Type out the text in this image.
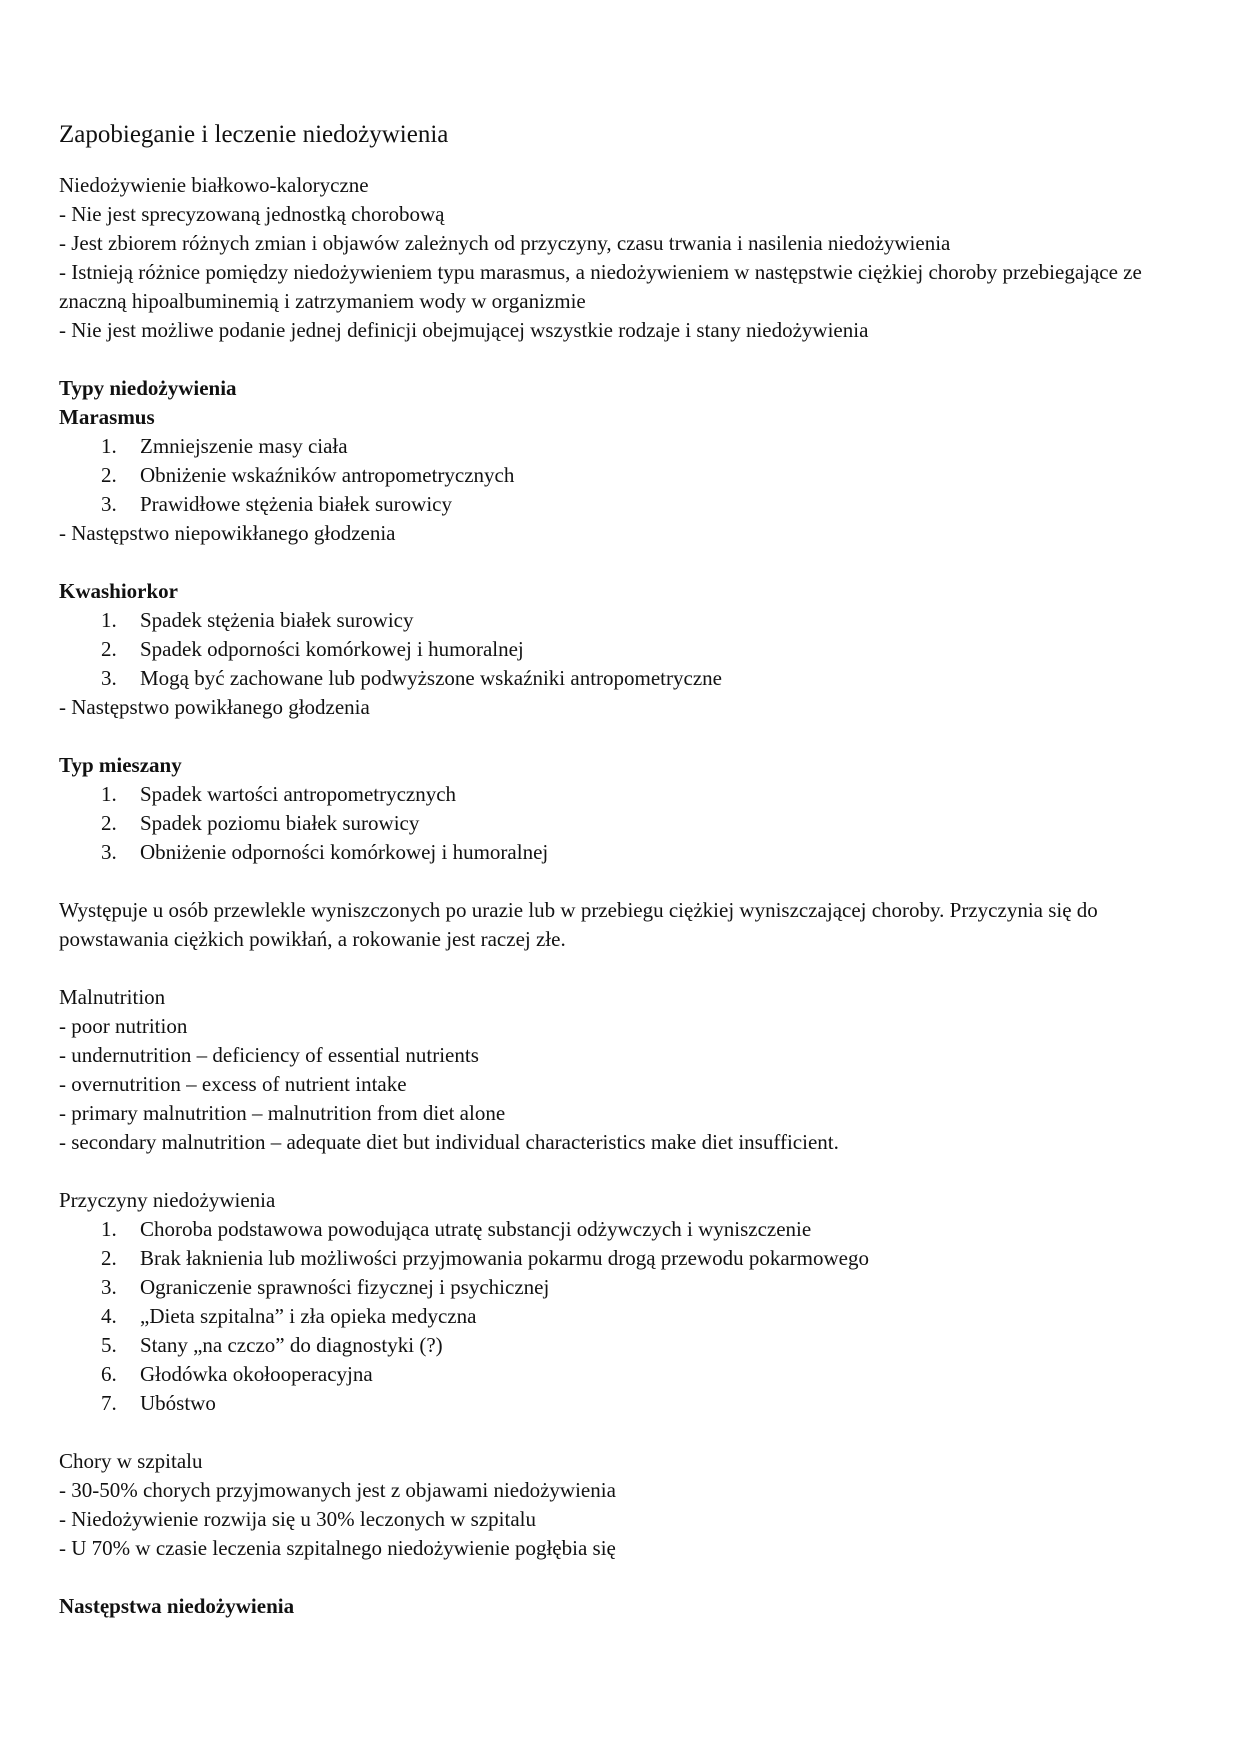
Zapobieganie i leczenie niedożywienia
Niedożywienie białkowo-kaloryczne
- Nie jest sprecyzowaną jednostką chorobową
- Jest zbiorem różnych zmian i objawów zależnych od przyczyny, czasu trwania i nasilenia niedożywienia
- Istnieją różnice pomiędzy niedożywieniem typu marasmus, a niedożywieniem w następstwie ciężkiej choroby przebiegające ze znaczną hipoalbuminemią i zatrzymaniem wody w organizmie
- Nie jest możliwe podanie jednej definicji obejmującej wszystkie rodzaje i stany niedożywienia
Typy niedożywienia
Marasmus
1.	Zmniejszenie masy ciała
2.	Obniżenie wskaźników antropometrycznych
3.	Prawidłowe stężenia białek surowicy
- Następstwo niepowikłanego głodzenia
Kwashiorkor
1.	Spadek stężenia białek surowicy
2.	Spadek odporności komórkowej i humoralnej
3.	Mogą być zachowane lub podwyższone wskaźniki antropometryczne
- Następstwo powikłanego głodzenia
Typ mieszany
1.	Spadek wartości antropometrycznych
2.	Spadek poziomu białek surowicy
3.	Obniżenie odporności komórkowej i humoralnej
Występuje u osób przewlekle wyniszczonych po urazie lub w przebiegu ciężkiej wyniszczającej choroby. Przyczynia się do powstawania ciężkich powikłań, a rokowanie jest raczej złe.
Malnutrition
- poor nutrition
- undernutrition – deficiency of essential nutrients
- overnutrition – excess of nutrient intake
- primary malnutrition – malnutrition from diet alone
- secondary malnutrition – adequate diet but individual characteristics make diet insufficient.
Przyczyny niedożywienia
1.	Choroba podstawowa powodująca utratę substancji odżywczych i wyniszczenie
2.	Brak łaknienia lub możliwości przyjmowania pokarmu drogą przewodu pokarmowego
3.	Ograniczenie sprawności fizycznej i psychicznej
4.	„Dieta szpitalna” i zła opieka medyczna
5.	Stany „na czczo” do diagnostyki (?)
6.	Głodówka okołooperacyjna
7.	Ubóstwo
Chory w szpitalu
- 30-50% chorych przyjmowanych jest z objawami niedożywienia
- Niedożywienie rozwija się u 30% leczonych w szpitalu
- U 70% w czasie leczenia szpitalnego niedożywienie pogłębia się
Następstwa niedożywienia
